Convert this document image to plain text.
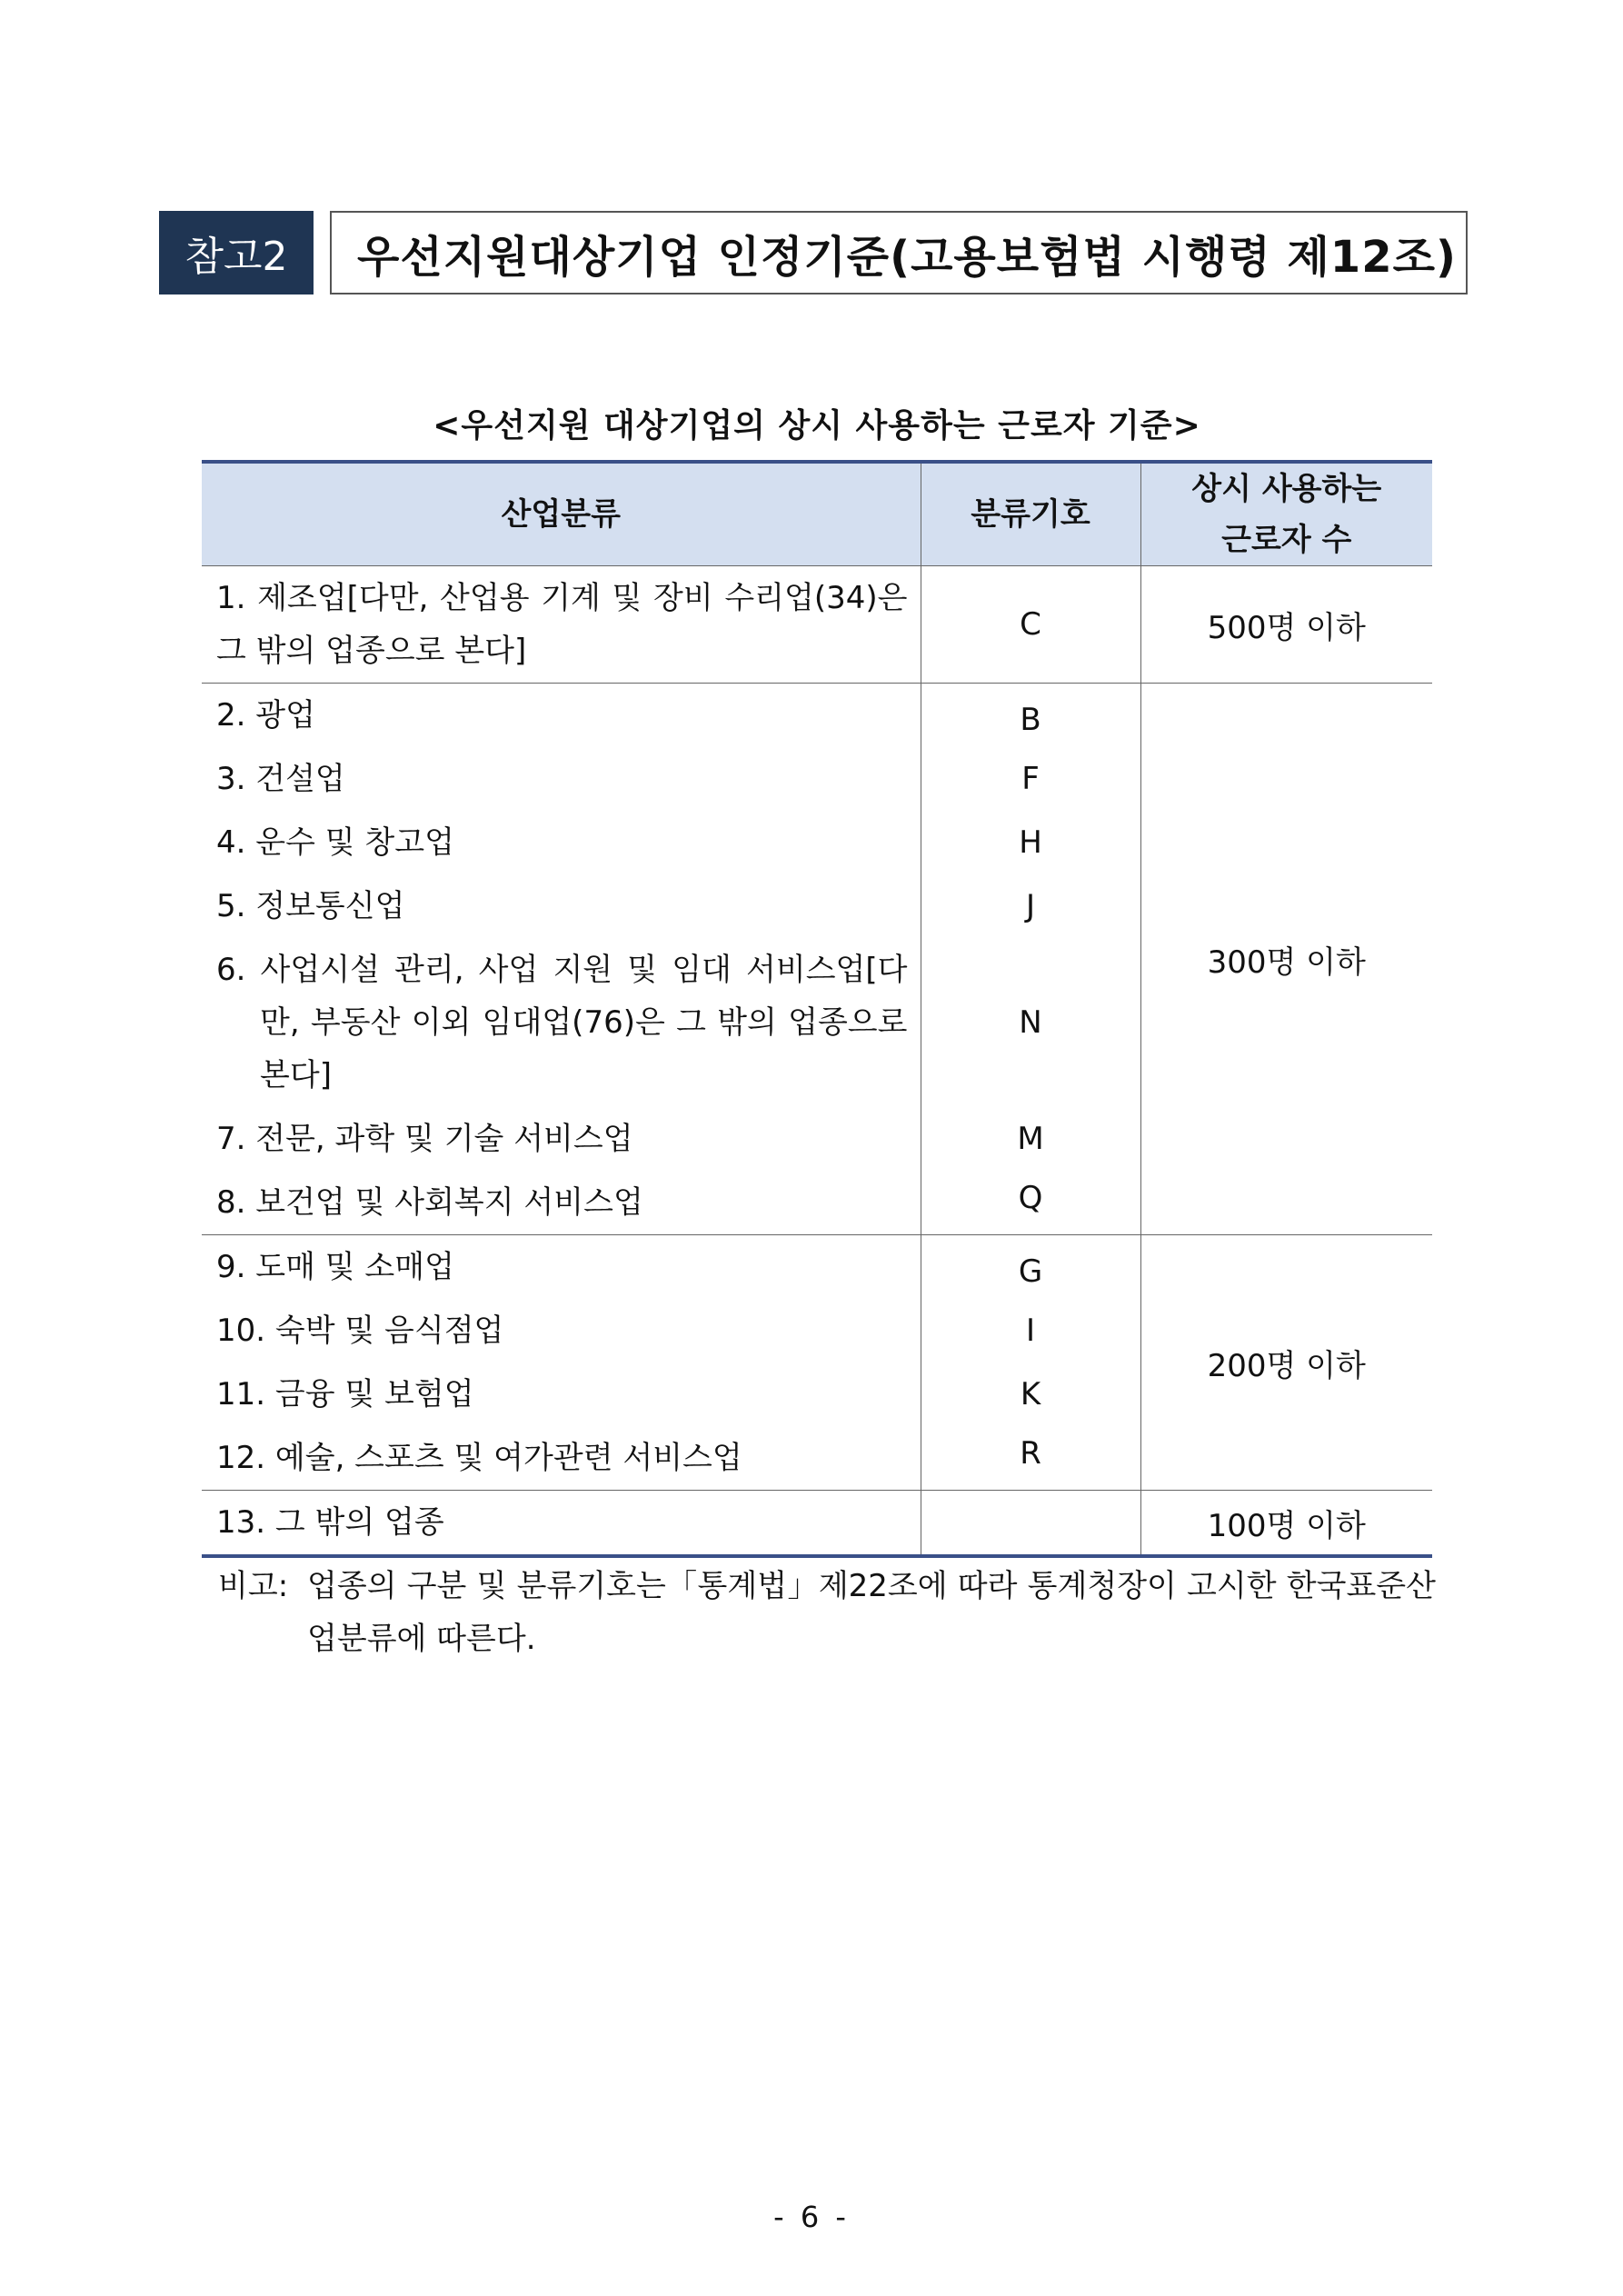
참고2	우선지원대상기업 인정기준(고용보험법 시행령 제12조)
<우선지원 대상기업의 상시 사용하는 근로자 기준>
산업분류	분류기호	상시 사용하는
근로자 수

1. 제조업[다만, 산업용 기계 및 장비 수리업(34)은 그 밖의 업종으로 본다]	C	500명 이하
2. 광업	B	300명 이하
3. 건설업	F	
4. 운수 및 창고업	H	
5. 정보통신업	J	
6. 사업시설 관리, 사업 지원 및 임대 서비스업[다만, 부동산 이외 임대업(76)은 그 밖의 업종으로 본다]	N	
7. 전문, 과학 및 기술 서비스업	M	
8. 보건업 및 사회복지 서비스업	Q	
9. 도매 및 소매업	G	200명 이하
10. 숙박 및 음식점업	I	
11. 금융 및 보험업	K	
12. 예술, 스포츠 및 여가관련 서비스업	R	
13. 그 밖의 업종		100명 이하
비고: 업종의 구분 및 분류기호는「통계법」제22조에 따라 통계청장이 고시한 한국표준산업분류에 따른다.
- 6 -
